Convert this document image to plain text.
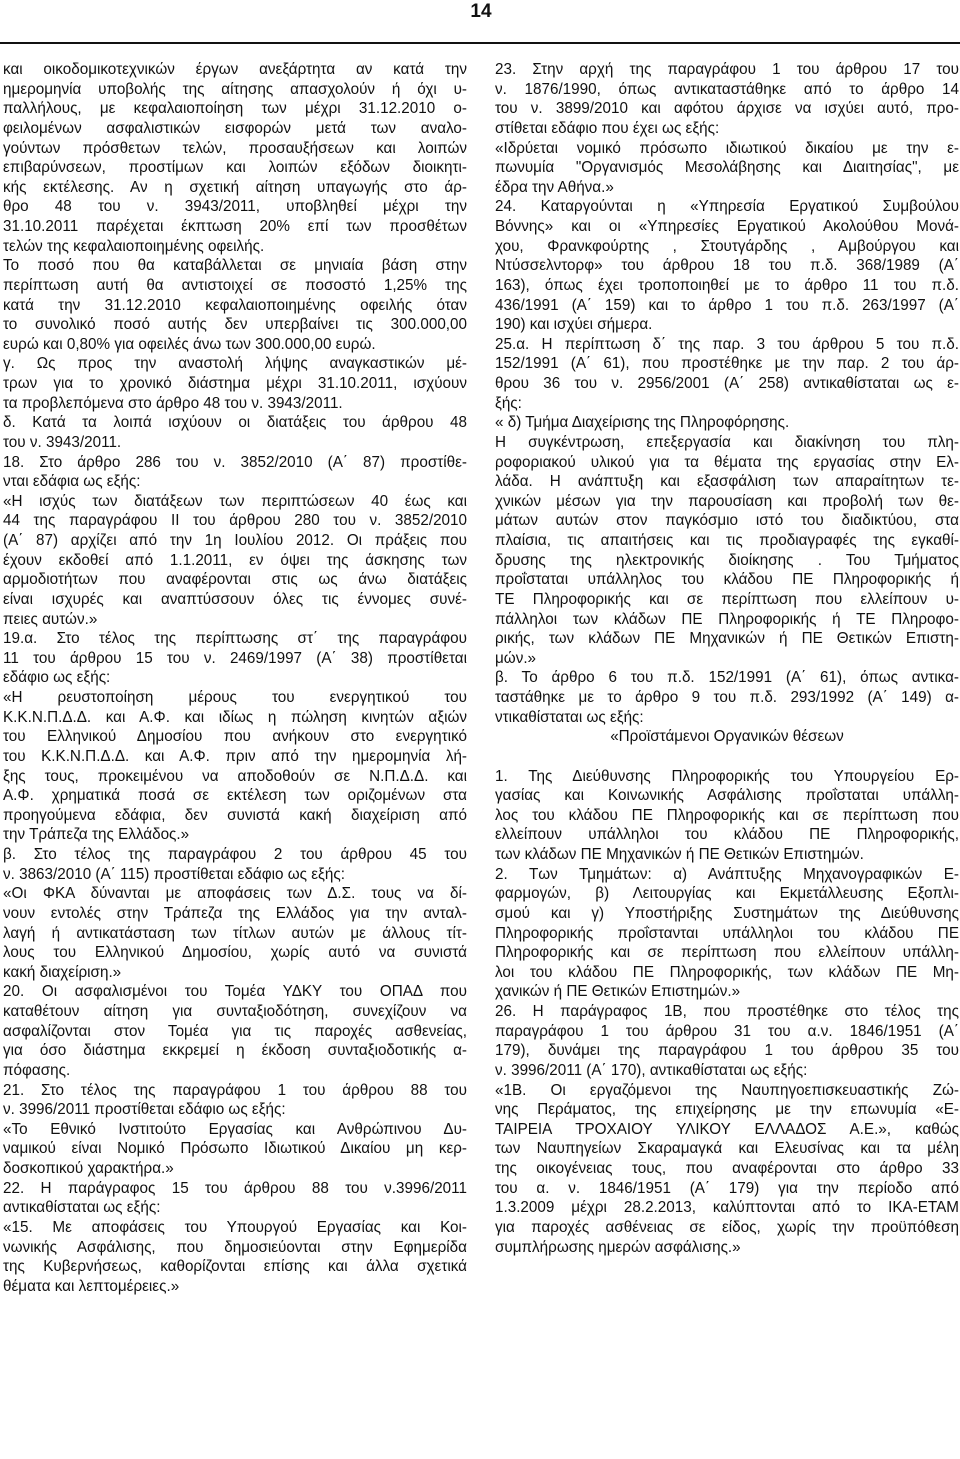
14
και οικοδομικοτεχνικών έργων ανεξάρτητα αν κατά την
ημερομηνία υποβολής της αίτησης απασχολούν ή όχι υ-
παλλήλους, με κεφαλαιοποίηση των μέχρι 31.12.2010 ο-
φειλομένων ασφαλιστικών εισφορών μετά των αναλο-
γούντων πρόσθετων τελών, προσαυξήσεων και λοιπών
επιβαρύνσεων, προστίμων και λοιπών εξόδων διοικητι-
κής εκτέλεσης. Αν η σχετική αίτηση υπαγωγής στο άρ-
θρο 48 του ν. 3943/2011, υποβληθεί μέχρι την
31.10.2011 παρέχεται έκπτωση 20% επί των προσθέτων
τελών της κεφαλαιοποιημένης οφειλής.
Το ποσό που θα καταβάλλεται σε μηνιαία βάση στην
περίπτωση αυτή θα αντιστοιχεί σε ποσοστό 1,25% της
κατά την 31.12.2010 κεφαλαιοποιημένης οφειλής όταν
το συνολικό ποσό αυτής δεν υπερβαίνει τις 300.000,00
ευρώ και 0,80% για οφειλές άνω των 300.000,00 ευρώ.
γ. Ως προς την αναστολή λήψης αναγκαστικών μέ-
τρων για το χρονικό διάστημα μέχρι 31.10.2011, ισχύουν
τα προβλεπόμενα στο άρθρο 48 του ν. 3943/2011.
δ. Κατά τα λοιπά ισχύουν οι διατάξεις του άρθρου 48
του ν. 3943/2011.
18. Στο άρθρο 286 του ν. 3852/2010 (Α΄ 87) προστίθε-
νται εδάφια ως εξής:
«Η ισχύς των διατάξεων των περιπτώσεων 40 έως και
44 της παραγράφου ΙΙ του άρθρου 280 του ν. 3852/2010
(Α΄ 87) αρχίζει από την 1η Ιουλίου 2012. Οι πράξεις που
έχουν εκδοθεί από 1.1.2011, εν όψει της άσκησης των
αρμοδιοτήτων που αναφέρονται στις ως άνω διατάξεις
είναι ισχυρές και αναπτύσσουν όλες τις έννομες συνέ-
πειες αυτών.»
19.α. Στο τέλος της περίπτωσης στ΄ της παραγράφου
11 του άρθρου 15 του ν. 2469/1997 (Α΄ 38) προστίθεται
εδάφιο ως εξής:
«Η ρευστοποίηση μέρους του ενεργητικού του
Κ.Κ.Ν.Π.Δ.Δ. και Α.Φ. και ιδίως η πώληση κινητών αξιών
του Ελληνικού Δημοσίου που ανήκουν στο ενεργητικό
του Κ.Κ.Ν.Π.Δ.Δ. και Α.Φ. πριν από την ημερομηνία λή-
ξης τους, προκειμένου να αποδοθούν σε Ν.Π.Δ.Δ. και
Α.Φ. χρηματικά ποσά σε εκτέλεση των οριζομένων στα
προηγούμενα εδάφια, δεν συνιστά κακή διαχείριση από
την Τράπεζα της Ελλάδος.»
β. Στο τέλος της παραγράφου 2 του άρθρου 45 του
ν. 3863/2010 (Α΄ 115) προστίθεται εδάφιο ως εξής:
«Οι ΦΚΑ δύνανται με αποφάσεις των Δ.Σ. τους να δί-
νουν εντολές στην Τράπεζα της Ελλάδος για την ανταλ-
λαγή ή αντικατάσταση των τίτλων αυτών με άλλους τίτ-
λους του Ελληνικού Δημοσίου, χωρίς αυτό να συνιστά
κακή διαχείριση.»
20. Οι ασφαλισμένοι του Τομέα ΥΔΚΥ του ΟΠΑΔ που
καταθέτουν αίτηση για συνταξιοδότηση, συνεχίζουν να
ασφαλίζονται στον Τομέα για τις παροχές ασθενείας,
για όσο διάστημα εκκρεμεί η έκδοση συνταξιοδοτικής α-
πόφασης.
21. Στο τέλος της παραγράφου 1 του άρθρου 88 του
ν. 3996/2011 προστίθεται εδάφιο ως εξής:
«Το Εθνικό Ινστιτούτο Εργασίας και Ανθρώπινου Δυ-
ναμικού είναι Νομικό Πρόσωπο Ιδιωτικού Δικαίου μη κερ-
δοσκοπικού χαρακτήρα.»
22. Η παράγραφος 15 του άρθρου 88 του ν.3996/2011
αντικαθίσταται ως εξής:
«15. Με αποφάσεις του Υπουργού Εργασίας και Κοι-
νωνικής Ασφάλισης, που δημοσιεύονται στην Εφημερίδα
της Κυβερνήσεως, καθορίζονται επίσης και άλλα σχετικά
θέματα και λεπτομέρειες.»
23. Στην αρχή της παραγράφου 1 του άρθρου 17 του
ν. 1876/1990, όπως αντικαταστάθηκε από το άρθρο 14
του ν. 3899/2010 και αφότου άρχισε να ισχύει αυτό, προ-
στίθεται εδάφιο που έχει ως εξής:
«Ιδρύεται νομικό πρόσωπο ιδιωτικού δικαίου με την ε-
πωνυμία "Οργανισμός Μεσολάβησης και Διαιτησίας", με
έδρα την Αθήνα.»
24. Καταργούνται η «Υπηρεσία Εργατικού Συμβούλου
Βόννης» και οι «Υπηρεσίες Εργατικού Ακολούθου Μονά-
χου, Φρανκφούρτης , Στουτγάρδης , Αμβούργου και
Ντύσσελντορφ» του άρθρου 18 του π.δ. 368/1989 (Α΄
163), όπως έχει τροποποιηθεί με το άρθρο 11 του π.δ.
436/1991 (Α΄ 159) και το άρθρο 1 του π.δ. 263/1997 (Α΄
190) και ισχύει σήμερα.
25.α. Η περίπτωση δ΄ της παρ. 3 του άρθρου 5 του π.δ.
152/1991 (Α΄ 61), που προστέθηκε με την παρ. 2 του άρ-
θρου 36 του ν. 2956/2001 (Α΄ 258) αντικαθίσταται ως ε-
ξής:
« δ) Τμήμα Διαχείρισης της Πληροφόρησης.
Η συγκέντρωση, επεξεργασία και διακίνηση του πλη-
ροφοριακού υλικού για τα θέματα της εργασίας στην Ελ-
λάδα. Η ανάπτυξη και εξασφάλιση των απαραίτητων τε-
χνικών μέσων για την παρουσίαση και προβολή των θε-
μάτων αυτών στον παγκόσμιο ιστό του διαδικτύου, στα
πλαίσια, τις απαιτήσεις και τις προδιαγραφές της εγκαθί-
δρυσης της ηλεκτρονικής διοίκησης . Του Τμήματος
προΐσταται υπάλληλος του κλάδου ΠΕ Πληροφορικής ή
ΤΕ Πληροφορικής και σε περίπτωση που ελλείπουν υ-
πάλληλοι των κλάδων ΠΕ Πληροφορικής ή ΤΕ Πληροφο-
ρικής, των κλάδων ΠΕ Μηχανικών ή ΠΕ Θετικών Επιστη-
μών.»
β. Το άρθρο 6 του π.δ. 152/1991 (Α΄ 61), όπως αντικα-
ταστάθηκε με το άρθρο 9 του π.δ. 293/1992 (Α΄ 149) α-
ντικαθίσταται ως εξής:
«Προϊστάμενοι Οργανικών θέσεων
1. Της Διεύθυνσης Πληροφορικής του Υπουργείου Ερ-
γασίας και Κοινωνικής Ασφάλισης προΐσταται υπάλλη-
λος του κλάδου ΠΕ Πληροφορικής και σε περίπτωση που
ελλείπουν υπάλληλοι του κλάδου ΠΕ Πληροφορικής,
των κλάδων ΠΕ Μηχανικών ή ΠΕ Θετικών Επιστημών.
2. Των Τμημάτων: α) Ανάπτυξης Μηχανογραφικών Ε-
φαρμογών, β) Λειτουργίας και Εκμετάλλευσης Εξοπλι-
σμού και γ) Υποστήριξης Συστημάτων της Διεύθυνσης
Πληροφορικής προΐστανται υπάλληλοι του κλάδου ΠΕ
Πληροφορικής και σε περίπτωση που ελλείπουν υπάλλη-
λοι του κλάδου ΠΕ Πληροφορικής, των κλάδων ΠΕ Μη-
χανικών ή ΠΕ Θετικών Επιστημών.»
26. Η παράγραφος 1Β, που προστέθηκε στο τέλος της
παραγράφου 1 του άρθρου 31 του α.ν. 1846/1951 (Α΄
179), δυνάμει της παραγράφου 1 του άρθρου 35 του
ν. 3996/2011 (Α΄ 170), αντικαθίσταται ως εξής:
«1Β. Οι εργαζόμενοι της Ναυπηγοεπισκευαστικής Ζώ-
νης Περάματος, της επιχείρησης με την επωνυμία «Ε-
ΤΑΙΡΕΙΑ ΤΡΟΧΑΙΟΥ ΥΛΙΚΟΥ ΕΛΛΑΔΟΣ Α.Ε.», καθώς
των Ναυπηγείων Σκαραμαγκά και Ελευσίνας και τα μέλη
της οικογένειας τους, που αναφέρονται στο άρθρο 33
του α. ν. 1846/1951 (Α΄ 179) για την περίοδο από
1.3.2009 μέχρι 28.2.2013, καλύπτονται από το ΙΚΑ-ΕΤΑΜ
για παροχές ασθένειας σε είδος, χωρίς την προϋπόθεση
συμπλήρωσης ημερών ασφάλισης.»
